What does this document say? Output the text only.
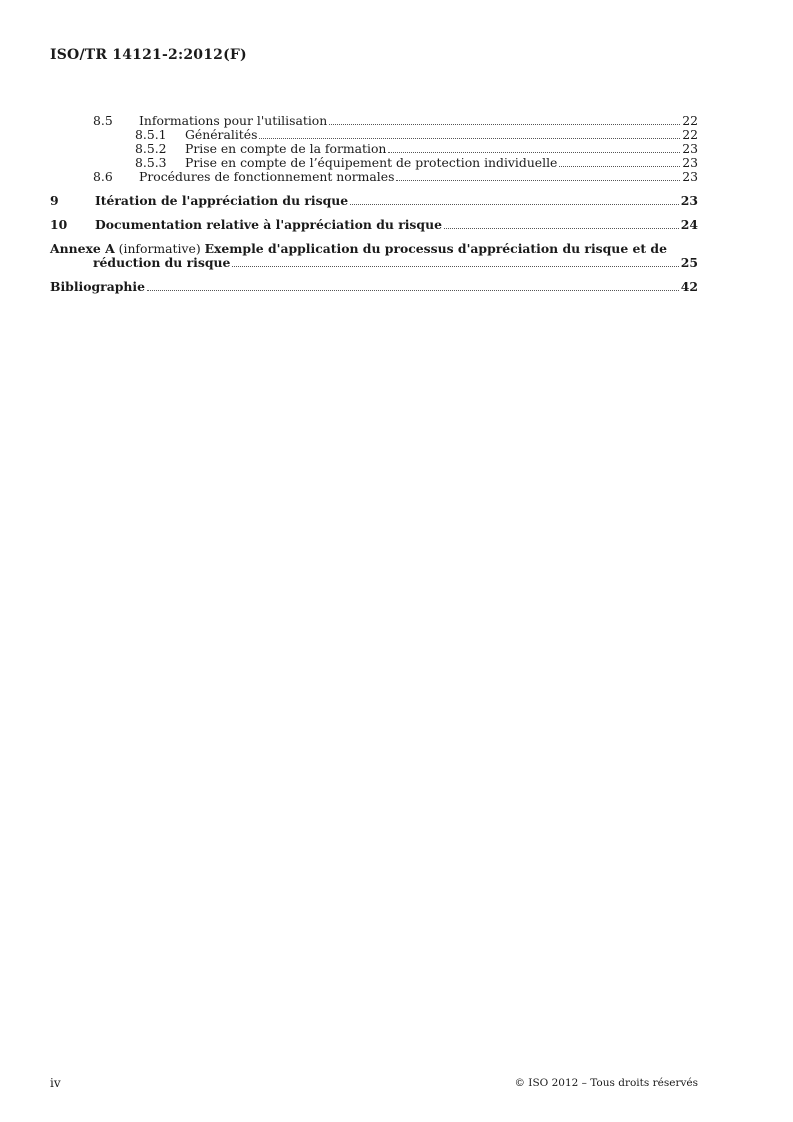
ISO/TR 14121-2:2012(F)
8.5	Informations pour l'utilisation	22
8.5.1	Généralités	22
8.5.2	Prise en compte de la formation	23
8.5.3	Prise en compte de l’équipement de protection individuelle	23
8.6	Procédures de fonctionnement normales	23
9	Itération de l'appréciation du risque	23
10	Documentation relative à l'appréciation du risque	24
Annexe A (informative) Exemple d'application du processus d'appréciation du risque et de
réduction du risque	25
Bibliographie	42
iv	© ISO 2012 – Tous droits réservés
